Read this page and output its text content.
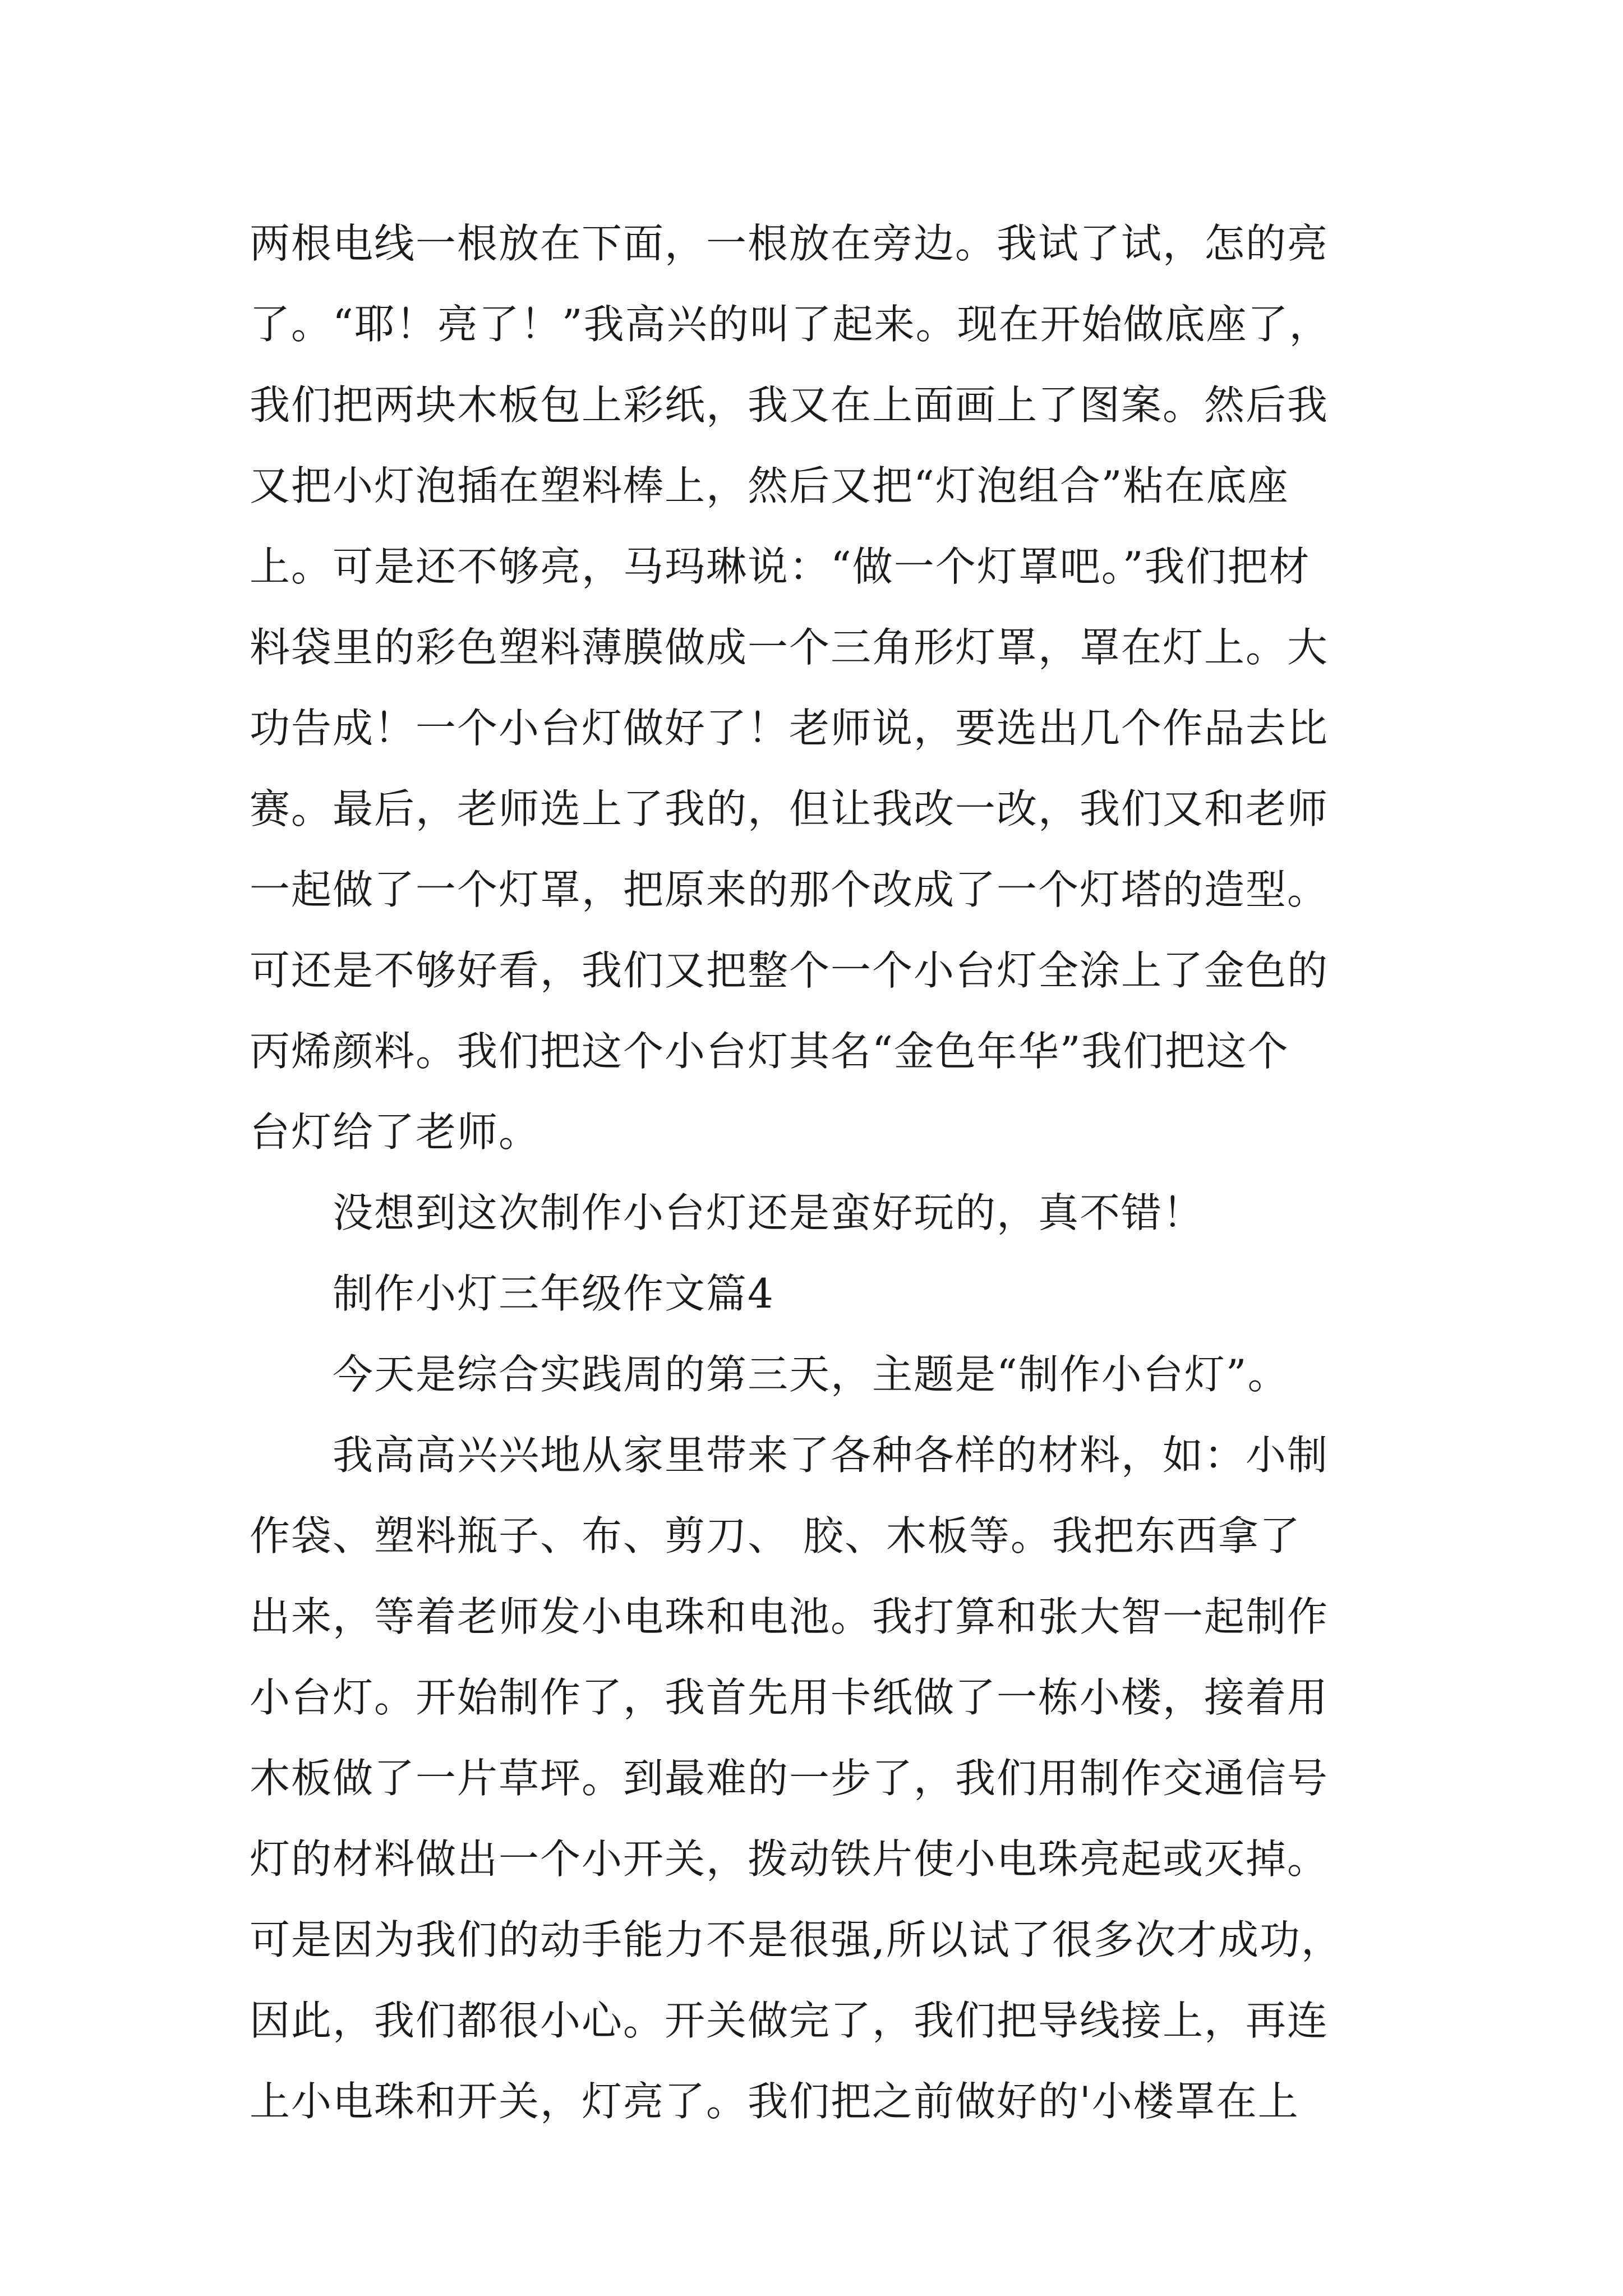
两根电线一根放在下面，一根放在旁边。我试了试，怎的亮
了。“耶！亮了！”我高兴的叫了起来。现在开始做底座了，
我们把两块木板包上彩纸，我又在上面画上了图案。然后我
又把小灯泡插在塑料棒上，然后又把“灯泡组合”粘在底座
上。可是还不够亮，马玛琳说：“做一个灯罩吧。”我们把材
料袋里的彩色塑料薄膜做成一个三角形灯罩，罩在灯上。大
功告成！一个小台灯做好了！老师说，要选出几个作品去比
赛。最后，老师选上了我的，但让我改一改，我们又和老师
一起做了一个灯罩，把原来的那个改成了一个灯塔的造型。
可还是不够好看，我们又把整个一个小台灯全涂上了金色的
丙烯颜料。我们把这个小台灯其名“金色年华”我们把这个
台灯给了老师。
没想到这次制作小台灯还是蛮好玩的，真不错！
制作小灯三年级作文篇4
今天是综合实践周的第三天，主题是“制作小台灯”。
我高高兴兴地从家里带来了各种各样的材料，如：小制
作袋、塑料瓶子、布、剪刀、 胶、木板等。我把东西拿了
出来，等着老师发小电珠和电池。我打算和张大智一起制作
小台灯。开始制作了，我首先用卡纸做了一栋小楼，接着用
木板做了一片草坪。到最难的一步了，我们用制作交通信号
灯的材料做出一个小开关，拨动铁片使小电珠亮起或灭掉。
可是因为我们的动手能力不是很强,所以试了很多次才成功，
因此，我们都很小心。开关做完了，我们把导线接上，再连
上小电珠和开关，灯亮了。我们把之前做好的'小楼罩在上
